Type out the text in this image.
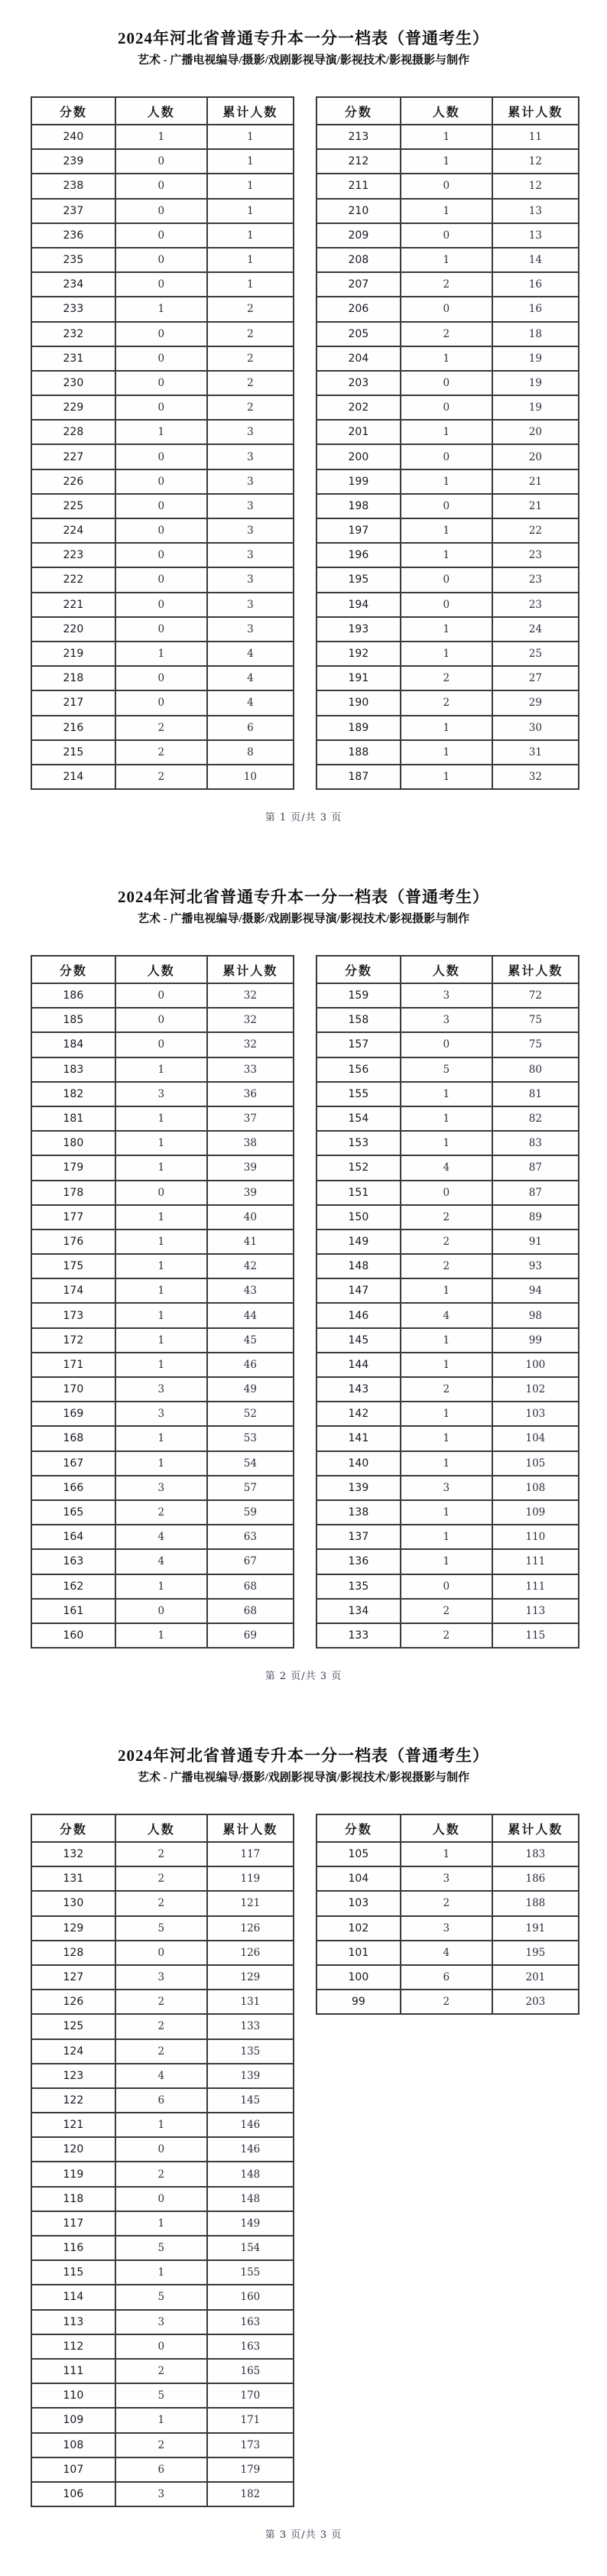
2024年河北省普通专升本一分一档表（普通考生）
艺术 - 广播电视编导/摄影/戏剧影视导演/影视技术/影视摄影与制作
分数	人数	累计人数
240	1	1
239	0	1
238	0	1
237	0	1
236	0	1
235	0	1
234	0	1
233	1	2
232	0	2
231	0	2
230	0	2
229	0	2
228	1	3
227	0	3
226	0	3
225	0	3
224	0	3
223	0	3
222	0	3
221	0	3
220	0	3
219	1	4
218	0	4
217	0	4
216	2	6
215	2	8
214	2	10
分数	人数	累计人数
213	1	11
212	1	12
211	0	12
210	1	13
209	0	13
208	1	14
207	2	16
206	0	16
205	2	18
204	1	19
203	0	19
202	0	19
201	1	20
200	0	20
199	1	21
198	0	21
197	1	22
196	1	23
195	0	23
194	0	23
193	1	24
192	1	25
191	2	27
190	2	29
189	1	30
188	1	31
187	1	32
第 1 页/共 3 页
2024年河北省普通专升本一分一档表（普通考生）
艺术 - 广播电视编导/摄影/戏剧影视导演/影视技术/影视摄影与制作
分数	人数	累计人数
186	0	32
185	0	32
184	0	32
183	1	33
182	3	36
181	1	37
180	1	38
179	1	39
178	0	39
177	1	40
176	1	41
175	1	42
174	1	43
173	1	44
172	1	45
171	1	46
170	3	49
169	3	52
168	1	53
167	1	54
166	3	57
165	2	59
164	4	63
163	4	67
162	1	68
161	0	68
160	1	69
分数	人数	累计人数
159	3	72
158	3	75
157	0	75
156	5	80
155	1	81
154	1	82
153	1	83
152	4	87
151	0	87
150	2	89
149	2	91
148	2	93
147	1	94
146	4	98
145	1	99
144	1	100
143	2	102
142	1	103
141	1	104
140	1	105
139	3	108
138	1	109
137	1	110
136	1	111
135	0	111
134	2	113
133	2	115
第 2 页/共 3 页
2024年河北省普通专升本一分一档表（普通考生）
艺术 - 广播电视编导/摄影/戏剧影视导演/影视技术/影视摄影与制作
分数	人数	累计人数
132	2	117
131	2	119
130	2	121
129	5	126
128	0	126
127	3	129
126	2	131
125	2	133
124	2	135
123	4	139
122	6	145
121	1	146
120	0	146
119	2	148
118	0	148
117	1	149
116	5	154
115	1	155
114	5	160
113	3	163
112	0	163
111	2	165
110	5	170
109	1	171
108	2	173
107	6	179
106	3	182
分数	人数	累计人数
105	1	183
104	3	186
103	2	188
102	3	191
101	4	195
100	6	201
99	2	203
第 3 页/共 3 页
